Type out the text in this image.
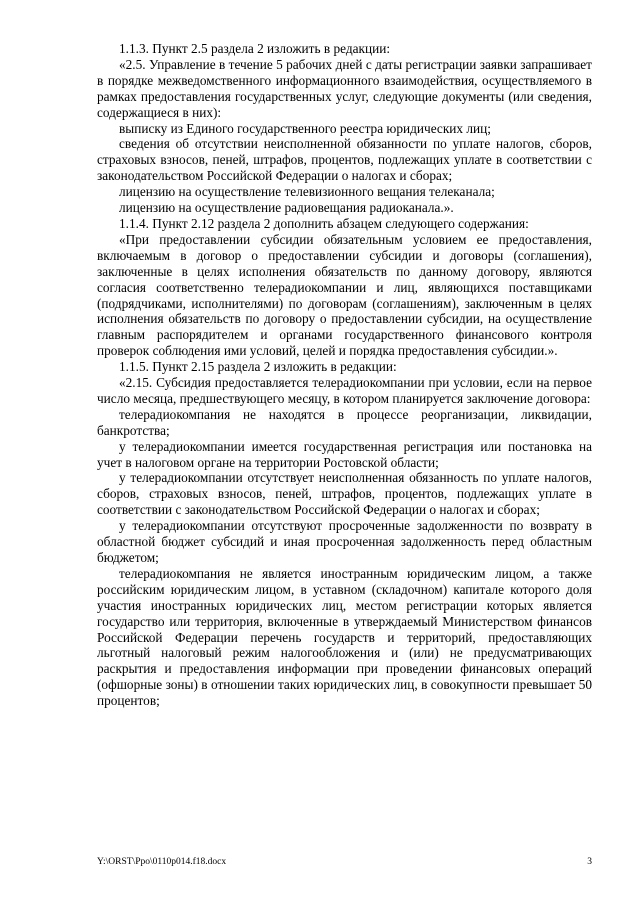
1.1.3. Пункт 2.5 раздела 2 изложить в редакции:

«2.5. Управление в течение 5 рабочих дней с даты регистрации заявки запрашивает в порядке межведомственного информационного взаимодействия, осуществляемого в рамках предоставления государственных услуг, следующие документы (или сведения, содержащиеся в них):

выписку из Единого государственного реестра юридических лиц;

сведения об отсутствии неисполненной обязанности по уплате налогов, сборов, страховых взносов, пеней, штрафов, процентов, подлежащих уплате в соответствии с законодательством Российской Федерации о налогах и сборах;

лицензию на осуществление телевизионного вещания телеканала;

лицензию на осуществление радиовещания радиоканала.».

1.1.4. Пункт 2.12 раздела 2 дополнить абзацем следующего содержания:

«При предоставлении субсидии обязательным условием ее предоставления, включаемым в договор о предоставлении субсидии и договоры (соглашения), заключенные в целях исполнения обязательств по данному договору, являются согласия соответственно телерадиокомпании и лиц, являющихся поставщиками (подрядчиками, исполнителями) по договорам (соглашениям), заключенным в целях исполнения обязательств по договору о предоставлении субсидии, на осуществление главным распорядителем и органами государственного финансового контроля проверок соблюдения ими условий, целей и порядка предоставления субсидии.».

1.1.5. Пункт 2.15 раздела 2 изложить в редакции:

«2.15. Субсидия предоставляется телерадиокомпании при условии, если на первое число месяца, предшествующего месяцу, в котором планируется заключение договора:

телерадиокомпания не находятся в процессе реорганизации, ликвидации, банкротства;

у телерадиокомпании имеется государственная регистрация или постановка на учет в налоговом органе на территории Ростовской области;

у телерадиокомпании отсутствует неисполненная обязанность по уплате налогов, сборов, страховых взносов, пеней, штрафов, процентов, подлежащих уплате в соответствии с законодательством Российской Федерации о налогах и сборах;

у телерадиокомпании отсутствуют просроченные задолженности по возврату в областной бюджет субсидий и иная просроченная задолженность перед областным бюджетом;

телерадиокомпания не является иностранным юридическим лицом, а также российским юридическим лицом, в уставном (складочном) капитале которого доля участия иностранных юридических лиц, местом регистрации которых является государство или территория, включенные в утверждаемый Министерством финансов Российской Федерации перечень государств и территорий, предоставляющих льготный налоговый режим налогообложения и (или) не предусматривающих раскрытия и предоставления информации при проведении финансовых операций (офшорные зоны) в отношении таких юридических лиц, в совокупности превышает 50 процентов;

Y:\ORST\Ppo\0110p014.f18.docx	3
